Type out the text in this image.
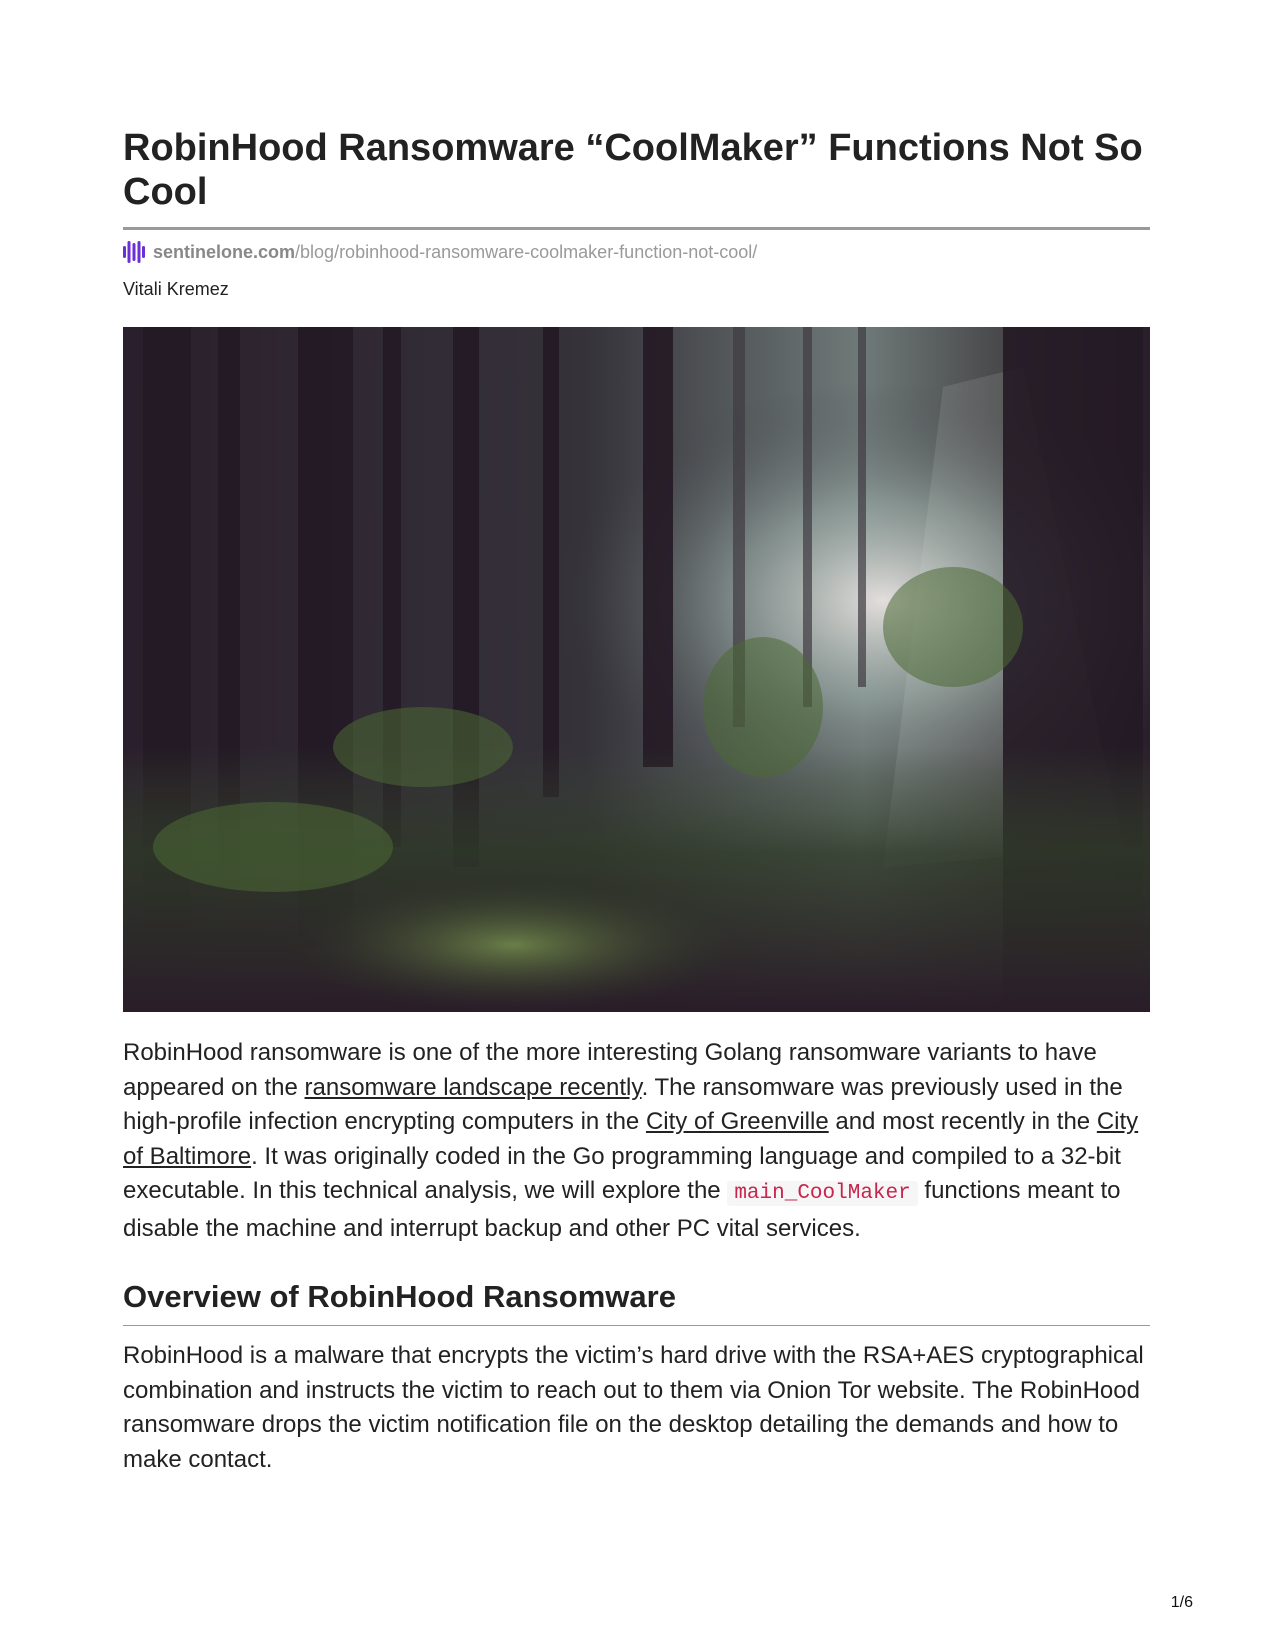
RobinHood Ransomware “CoolMaker” Functions Not So Cool
sentinelone.com /blog/robinhood-ransomware-coolmaker-function-not-cool/
Vitali Kremez

RobinHood ransomware is one of the more interesting Golang ransomware variants to have appeared on the ransomware landscape recently. The ransomware was previously used in the high-profile infection encrypting computers in the City of Greenville and most recently in the City of Baltimore. It was originally coded in the Go programming language and compiled to a 32-bit executable. In this technical analysis, we will explore the main_CoolMaker functions meant to disable the machine and interrupt backup and other PC vital services.

Overview of RobinHood Ransomware

RobinHood is a malware that encrypts the victim’s hard drive with the RSA+AES cryptographical combination and instructs the victim to reach out to them via Onion Tor website. The RobinHood ransomware drops the victim notification file on the desktop detailing the demands and how to make contact.

1/6
